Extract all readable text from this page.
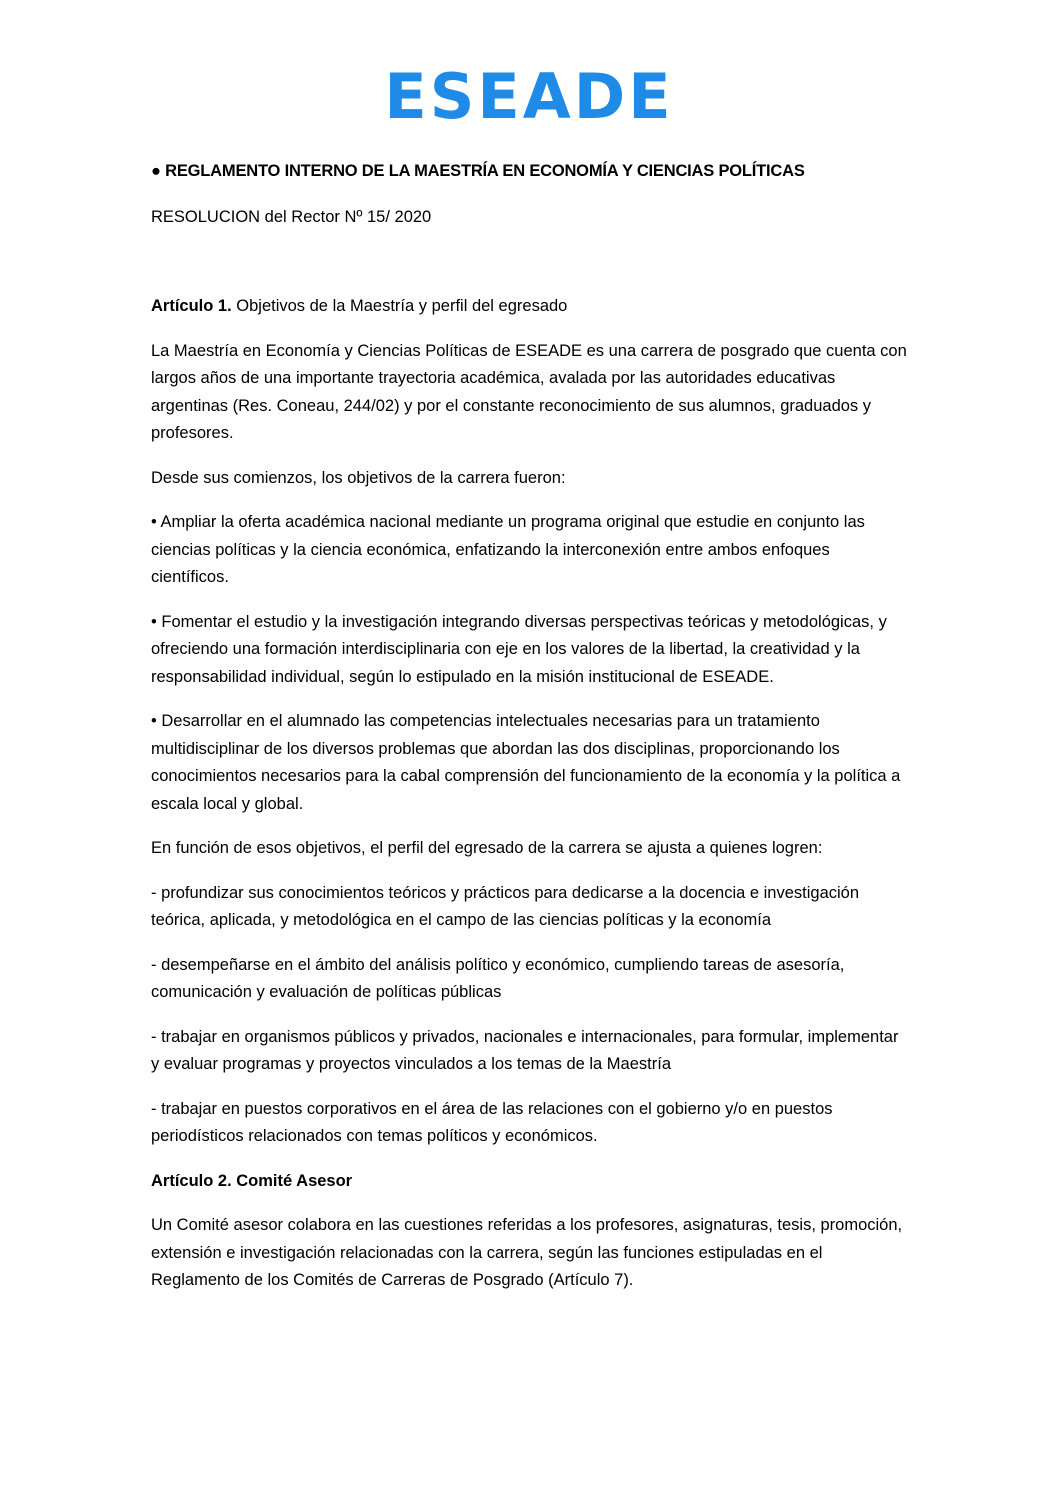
ESEADE

● REGLAMENTO INTERNO DE LA MAESTRÍA EN ECONOMÍA Y CIENCIAS POLÍTICAS

RESOLUCION del Rector Nº 15/ 2020

Artículo 1. Objetivos de la Maestría y perfil del egresado

La Maestría en Economía y Ciencias Políticas de ESEADE es una carrera de posgrado que cuenta con largos años de una importante trayectoria académica, avalada por las autoridades educativas argentinas (Res. Coneau, 244/02) y por el constante reconocimiento de sus alumnos, graduados y profesores.

Desde sus comienzos, los objetivos de la carrera fueron:

• Ampliar la oferta académica nacional mediante un programa original que estudie en conjunto las ciencias políticas y la ciencia económica, enfatizando la interconexión entre ambos enfoques científicos.

• Fomentar el estudio y la investigación integrando diversas perspectivas teóricas y metodológicas, y ofreciendo una formación interdisciplinaria con eje en los valores de la libertad, la creatividad y la responsabilidad individual, según lo estipulado en la misión institucional de ESEADE.

• Desarrollar en el alumnado las competencias intelectuales necesarias para un tratamiento multidisciplinar de los diversos problemas que abordan las dos disciplinas, proporcionando los conocimientos necesarios para la cabal comprensión del funcionamiento de la economía y la política a escala local y global.

En función de esos objetivos, el perfil del egresado de la carrera se ajusta a quienes logren:

- profundizar sus conocimientos teóricos y prácticos para dedicarse a la docencia e investigación teórica, aplicada, y metodológica en el campo de las ciencias políticas y la economía

- desempeñarse en el ámbito del análisis político y económico, cumpliendo tareas de asesoría, comunicación y evaluación de políticas públicas

- trabajar en organismos públicos y privados, nacionales e internacionales, para formular, implementar y evaluar programas y proyectos vinculados a los temas de la Maestría

- trabajar en puestos corporativos en el área de las relaciones con el gobierno y/o en puestos periodísticos relacionados con temas políticos y económicos.

Artículo 2. Comité Asesor

Un Comité asesor colabora en las cuestiones referidas a los profesores, asignaturas, tesis, promoción, extensión e investigación relacionadas con la carrera, según las funciones estipuladas en el Reglamento de los Comités de Carreras de Posgrado (Artículo 7).
